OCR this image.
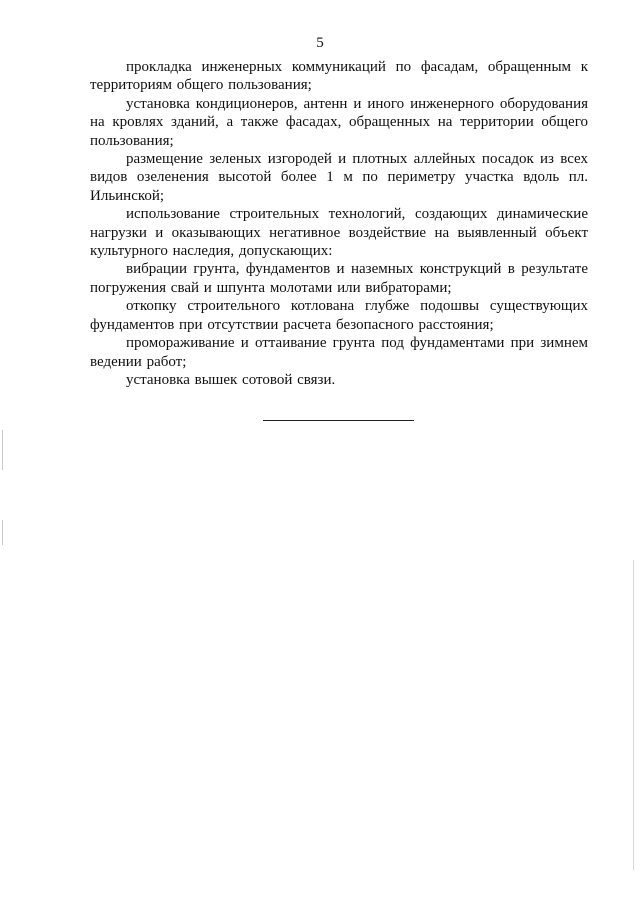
5

прокладка инженерных коммуникаций по фасадам, обращенным к территориям общего пользования;

установка кондиционеров, антенн и иного инженерного оборудования на кровлях зданий, а также фасадах, обращенных на территории общего пользования;

размещение зеленых изгородей и плотных аллейных посадок из всех видов озеленения высотой более 1 м по периметру участка вдоль пл. Ильинской;

использование строительных технологий, создающих динамические нагрузки и оказывающих негативное воздействие на выявленный объект культурного наследия, допускающих:

вибрации грунта, фундаментов и наземных конструкций в результате погружения свай и шпунта молотами или вибраторами;

откопку строительного котлована глубже подошвы существующих фундаментов при отсутствии расчета безопасного расстояния;

промораживание и оттаивание грунта под фундаментами при зимнем ведении работ;

установка вышек сотовой связи.
